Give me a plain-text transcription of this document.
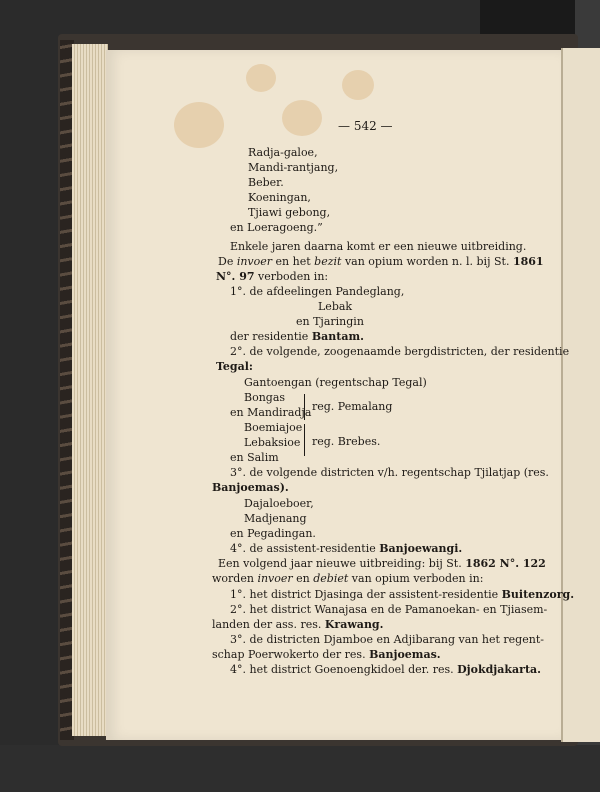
— 542 —
Radja-galoe,
Mandi-rantjang,
Beber.
Koeningan,
Tjiawi gebong,
en Loeragoeng.”
Enkele jaren daarna komt er een nieuwe uitbreiding.
De invoer en het bezit van opium worden n. l. bij St. 1861
N°. 97 verboden in:
1°. de afdeelingen Pandeglang,
Lebak
en Tjaringin
der residentie Bantam.
2°. de volgende, zoogenaamde bergdistricten, der residentie
Tegal:
Gantoengan (regentschap Tegal)
Bongas
en Mandiradja reg. Pemalang
Boemiajoe
Lebaksioe reg. Brebes.
en Salim
3°. de volgende districten v/h. regentschap Tjilatjap (res.
Banjoemas).
Dajaloeboer,
Madjenang
en Pegadingan.
4°. de assistent-residentie Banjoewangi.
Een volgend jaar nieuwe uitbreiding: bij St. 1862 N°. 122
worden invoer en debiet van opium verboden in:
1°. het district Djasinga der assistent-residentie Buitenzorg.
2°. het district Wanajasa en de Pamanoekan- en Tjiasem-
landen der ass. res. Krawang.
3°. de districten Djamboe en Adjibarang van het regent-
schap Poerwokerto der res. Banjoemas.
4°. het district Goenoengkidoel der. res. Djokdjakarta.
